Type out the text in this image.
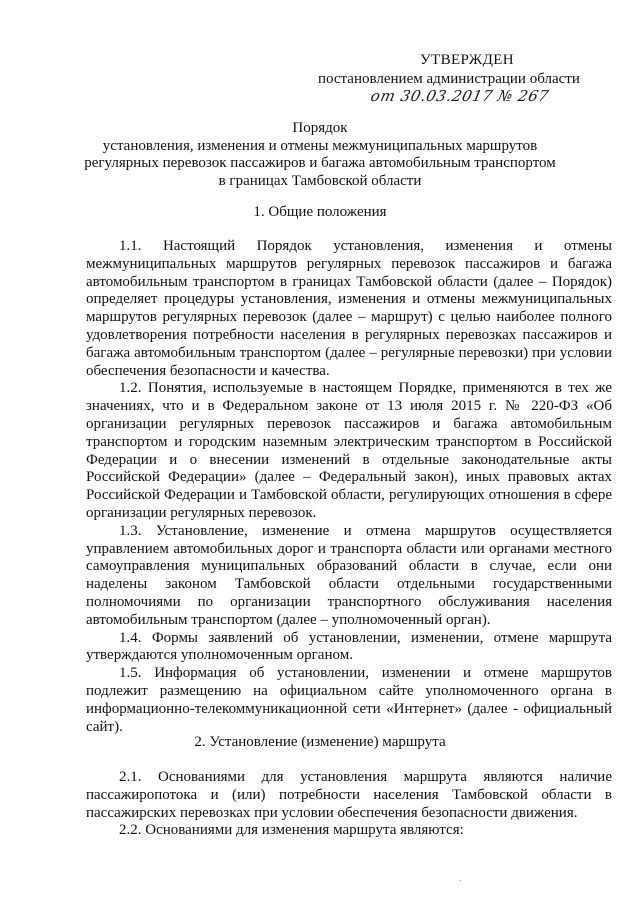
УТВЕРЖДЕН
постановлением администрации области
от 30.03.2017 № 267
Порядок
установления, изменения и отмены межмуниципальных маршрутов
регулярных перевозок пассажиров и багажа автомобильным транспортом
в границах Тамбовской области
1. Общие положения

1.1. Настоящий Порядок установления, изменения и отмены межмуниципальных маршрутов регулярных перевозок пассажиров и багажа автомобильным транспортом в границах Тамбовской области (далее – Порядок) определяет процедуры установления, изменения и отмены межмуниципальных маршрутов регулярных перевозок (далее – маршрут) с целью наиболее полного удовлетворения потребности населения в регулярных перевозках пассажиров и багажа автомобильным транспортом (далее – регулярные перевозки) при условии обеспечения безопасности и качества.

1.2. Понятия, используемые в настоящем Порядке, применяются в тех же значениях, что и в Федеральном законе от 13 июля 2015 г. № 220-ФЗ «Об организации регулярных перевозок пассажиров и багажа автомобильным транспортом и городским наземным электрическим транспортом в Российской Федерации и о внесении изменений в отдельные законодательные акты Российской Федерации» (далее – Федеральный закон), иных правовых актах Российской Федерации и Тамбовской области, регулирующих отношения в сфере организации регулярных перевозок.

1.3. Установление, изменение и отмена маршрутов осуществляется управлением автомобильных дорог и транспорта области или органами местного самоуправления муниципальных образований области в случае, если они наделены законом Тамбовской области отдельными государственными полномочиями по организации транспортного обслуживания населения автомобильным транспортом (далее – уполномоченный орган).

1.4. Формы заявлений об установлении, изменении, отмене маршрута утверждаются уполномоченным органом.

1.5. Информация об установлении, изменении и отмене маршрутов подлежит размещению на официальном сайте уполномоченного органа в информационно-телекоммуникационной сети «Интернет» (далее - официальный сайт).

2. Установление (изменение) маршрута

2.1. Основаниями для установления маршрута являются наличие пассажиропотока и (или) потребности населения Тамбовской области в пассажирских перевозках при условии обеспечения безопасности движения.

2.2. Основаниями для изменения маршрута являются:
